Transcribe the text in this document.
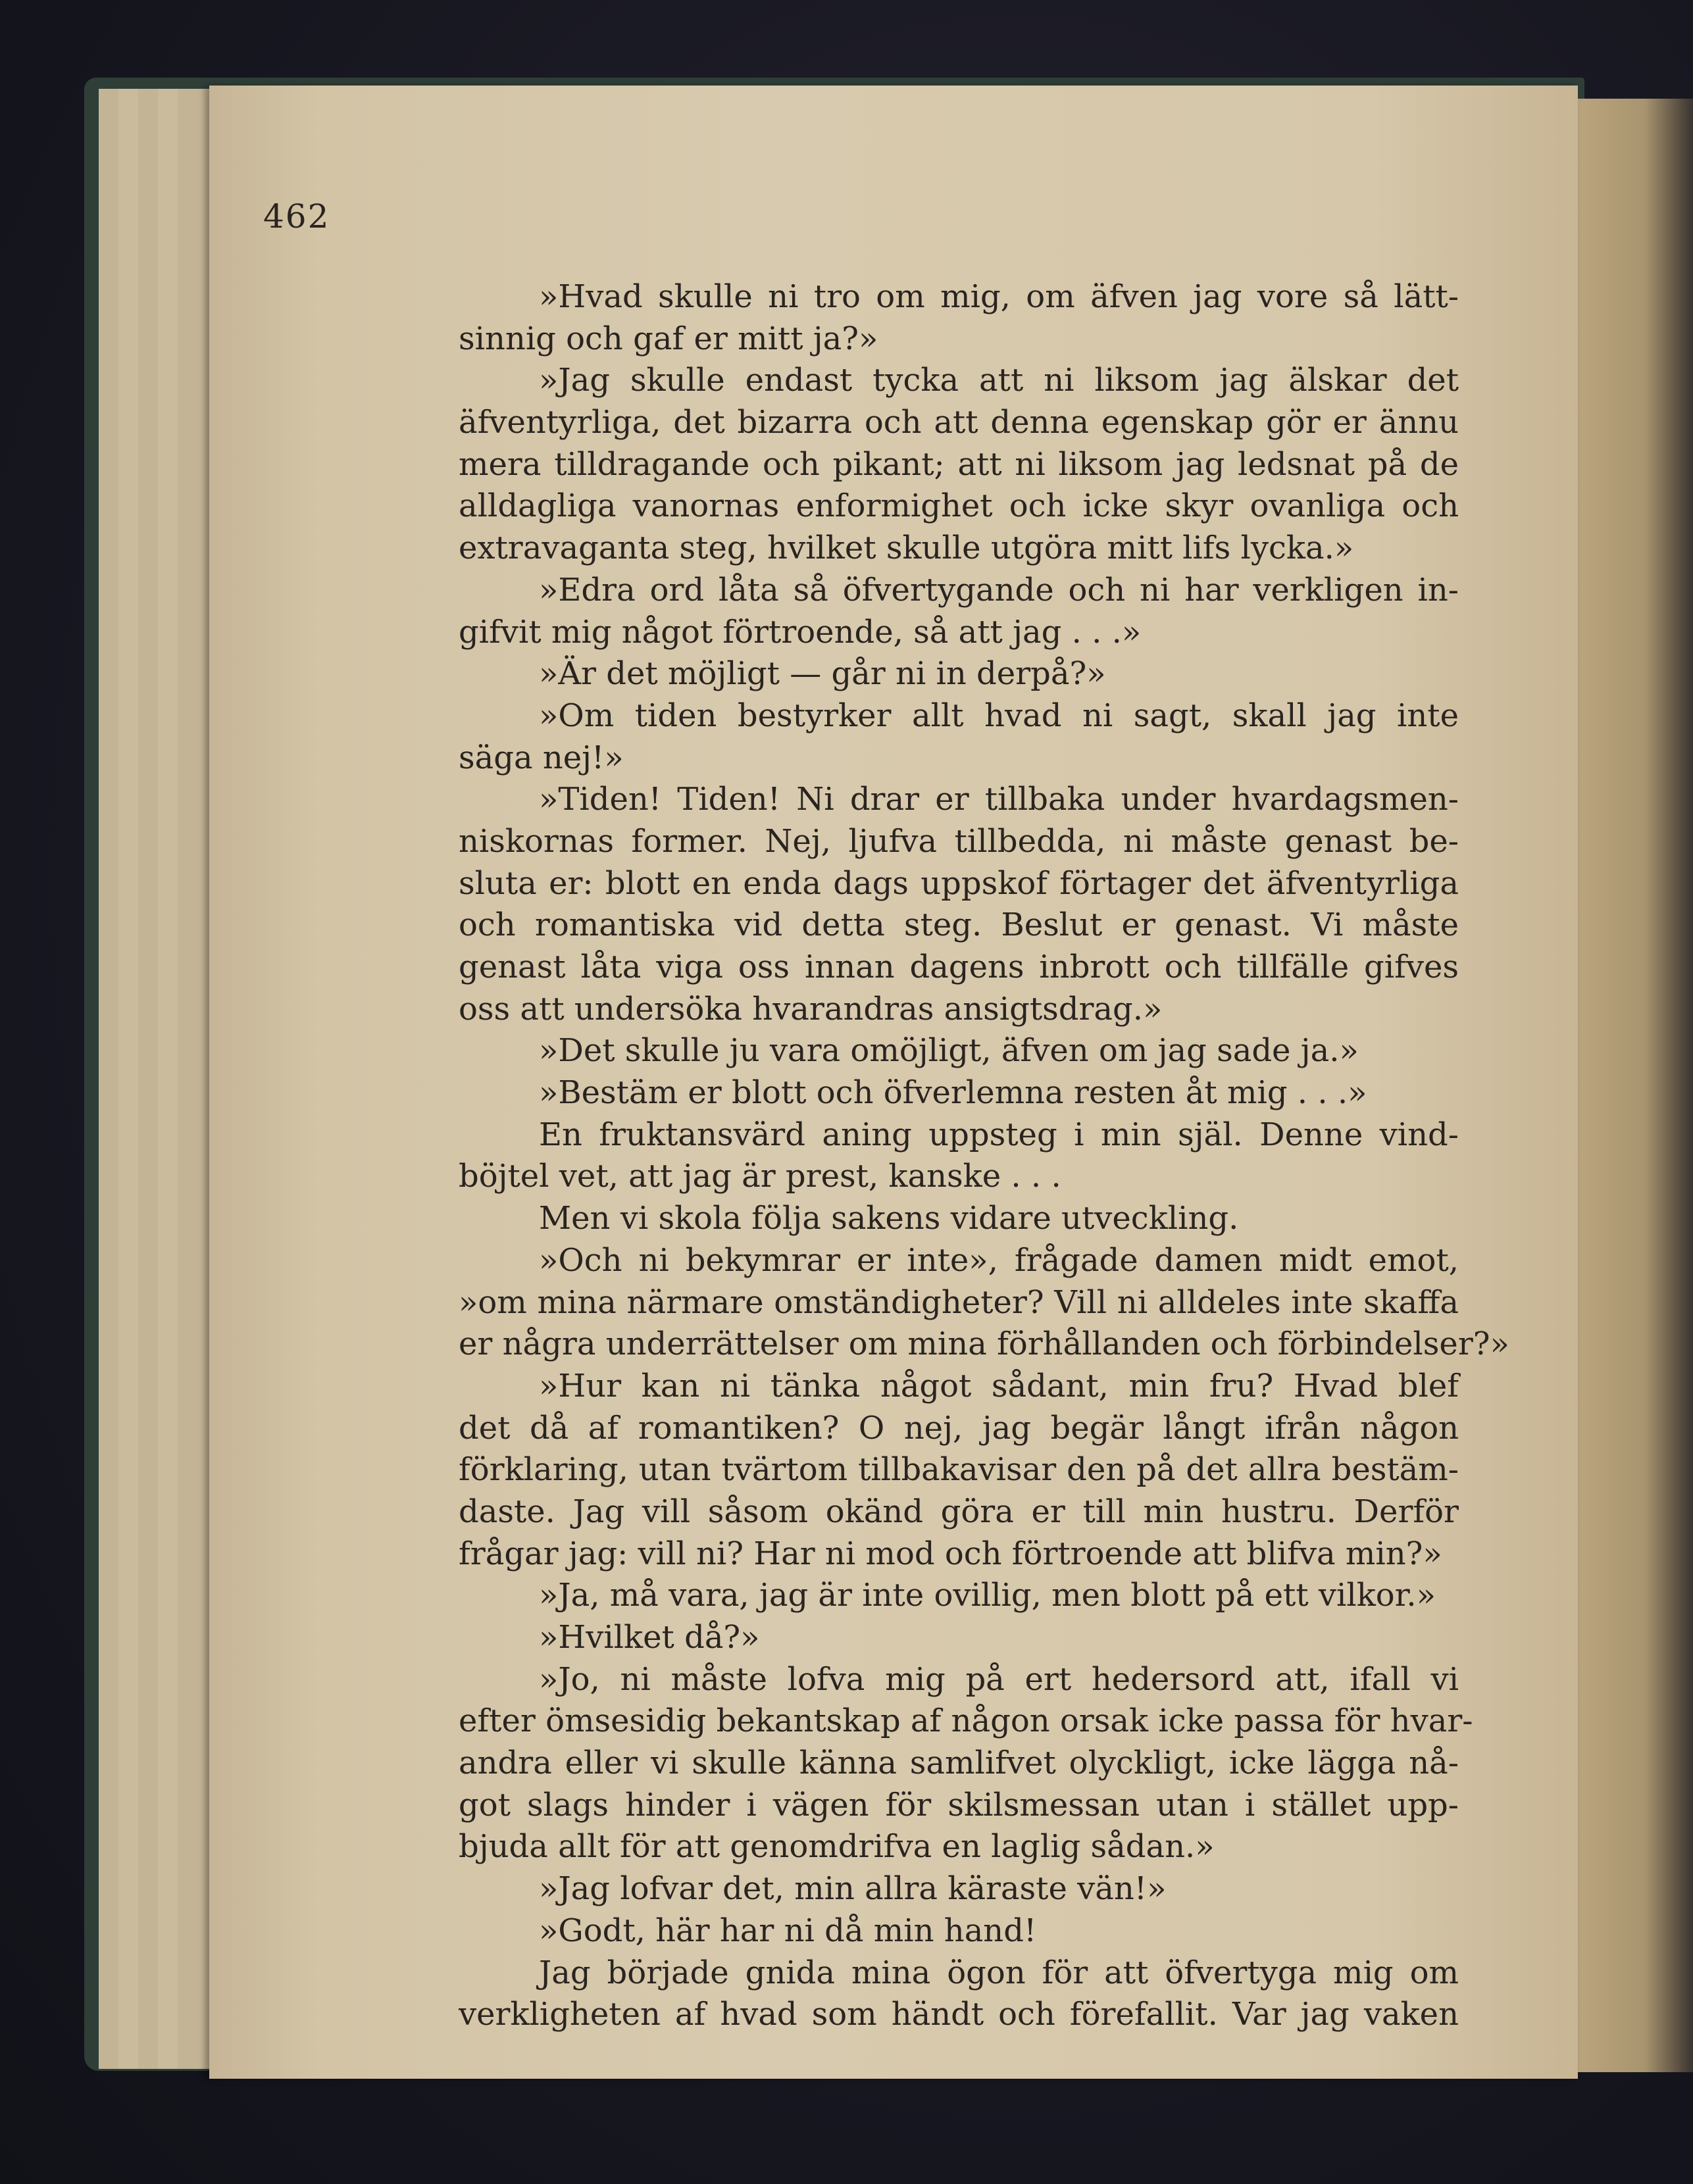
462
»Hvad skulle ni tro om mig, om äfven jag vore så lätt-
sinnig och gaf er mitt ja?»
»Jag skulle endast tycka att ni liksom jag älskar det
äfventyrliga, det bizarra och att denna egenskap gör er ännu
mera tilldragande och pikant; att ni liksom jag ledsnat på de
alldagliga vanornas enformighet och icke skyr ovanliga och
extravaganta steg, hvilket skulle utgöra mitt lifs lycka.»
»Edra ord låta så öfvertygande och ni har verkligen in-
gifvit mig något förtroende, så att jag . . .»
»Är det möjligt — går ni in derpå?»
»Om tiden bestyrker allt hvad ni sagt, skall jag inte
säga nej!»
»Tiden! Tiden! Ni drar er tillbaka under hvardagsmen-
niskornas former. Nej, ljufva tillbedda, ni måste genast be-
sluta er: blott en enda dags uppskof förtager det äfventyrliga
och romantiska vid detta steg. Beslut er genast. Vi måste
genast låta viga oss innan dagens inbrott och tillfälle gifves
oss att undersöka hvarandras ansigtsdrag.»
»Det skulle ju vara omöjligt, äfven om jag sade ja.»
»Bestäm er blott och öfverlemna resten åt mig . . .»
En fruktansvärd aning uppsteg i min själ. Denne vind-
böjtel vet, att jag är prest, kanske . . .
Men vi skola följa sakens vidare utveckling.
»Och ni bekymrar er inte», frågade damen midt emot,
»om mina närmare omständigheter? Vill ni alldeles inte skaffa
er några underrättelser om mina förhållanden och förbindelser?»
»Hur kan ni tänka något sådant, min fru? Hvad blef
det då af romantiken? O nej, jag begär långt ifrån någon
förklaring, utan tvärtom tillbakavisar den på det allra bestäm-
daste. Jag vill såsom okänd göra er till min hustru. Derför
frågar jag: vill ni? Har ni mod och förtroende att blifva min?»
»Ja, må vara, jag är inte ovillig, men blott på ett vilkor.»
»Hvilket då?»
»Jo, ni måste lofva mig på ert hedersord att, ifall vi
efter ömsesidig bekantskap af någon orsak icke passa för hvar-
andra eller vi skulle känna samlifvet olyckligt, icke lägga nå-
got slags hinder i vägen för skilsmessan utan i stället upp-
bjuda allt för att genomdrifva en laglig sådan.»
»Jag lofvar det, min allra käraste vän!»
»Godt, här har ni då min hand!
Jag började gnida mina ögon för att öfvertyga mig om
verkligheten af hvad som händt och förefallit. Var jag vaken
